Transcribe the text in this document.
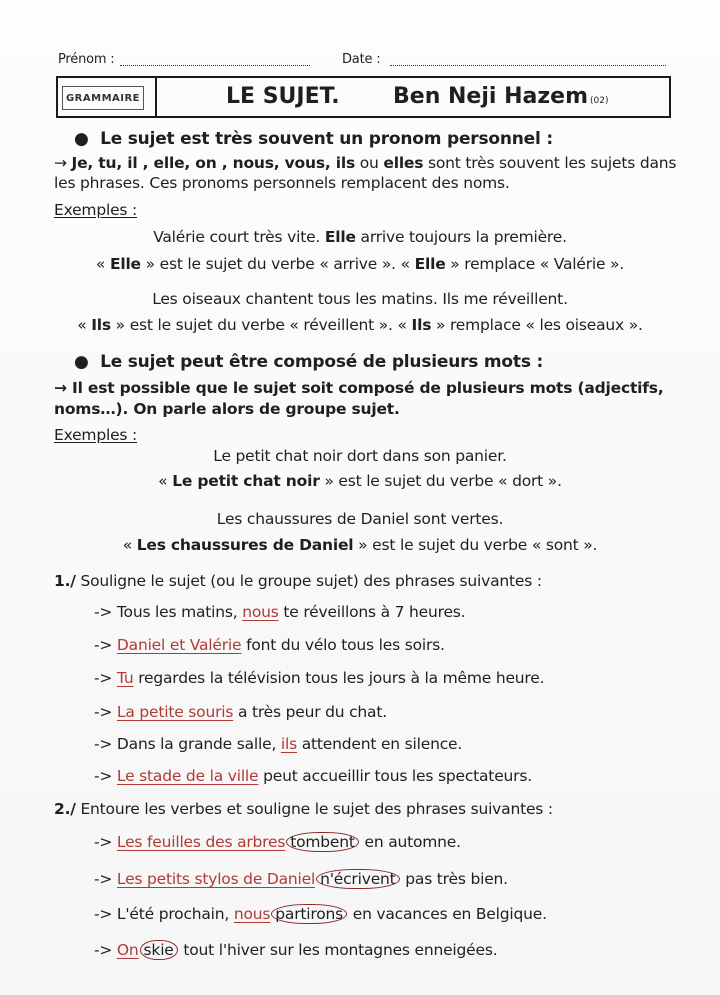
Prénom :	Date :
GRAMMAIRE	LE SUJET. Ben Neji Hazem (02)
● Le sujet est très souvent un pronom personnel :
→ Je, tu, il , elle, on , nous, vous, ils ou elles sont très souvent les sujets dans
les phrases. Ces pronoms personnels remplacent des noms.
Exemples :
Valérie court très vite. Elle arrive toujours la première.
« Elle » est le sujet du verbe « arrive ». « Elle » remplace « Valérie ».
Les oiseaux chantent tous les matins. Ils me réveillent.
« Ils » est le sujet du verbe « réveillent ». « Ils » remplace « les oiseaux ».
● Le sujet peut être composé de plusieurs mots :
→ Il est possible que le sujet soit composé de plusieurs mots (adjectifs,
noms…). On parle alors de groupe sujet.
Exemples :
Le petit chat noir dort dans son panier.
« Le petit chat noir » est le sujet du verbe « dort ».
Les chaussures de Daniel sont vertes.
« Les chaussures de Daniel » est le sujet du verbe « sont ».
1./ Souligne le sujet (ou le groupe sujet) des phrases suivantes :
-> Tous les matins, nous te réveillons à 7 heures.
-> Daniel et Valérie font du vélo tous les soirs.
-> Tu regardes la télévision tous les jours à la même heure.
-> La petite souris a très peur du chat.
-> Dans la grande salle, ils attendent en silence.
-> Le stade de la ville peut accueillir tous les spectateurs.
2./ Entoure les verbes et souligne le sujet des phrases suivantes :
-> Les feuilles des arbres tombent en automne.
-> Les petits stylos de Daniel n'écrivent pas très bien.
-> L'été prochain, nous partirons en vacances en Belgique.
-> On skie tout l'hiver sur les montagnes enneigées.
